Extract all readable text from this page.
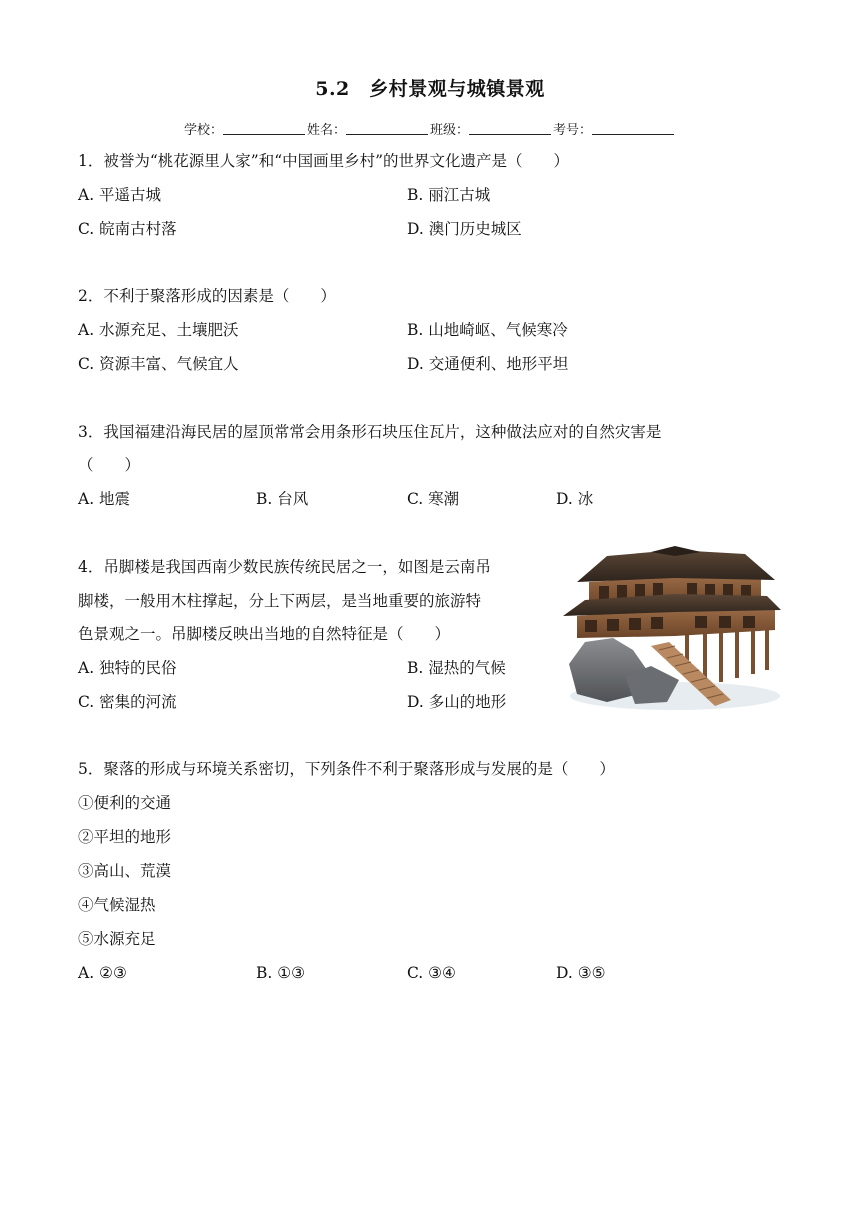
5.2　乡村景观与城镇景观
学校：	姓名：	班级：	考号：
1．被誉为“桃花源里人家”和“中国画里乡村”的世界文化遗产是（　　）
A. 平遥古城	B. 丽江古城
C. 皖南古村落	D. 澳门历史城区
2．不利于聚落形成的因素是（　　）
A. 水源充足、土壤肥沃	B. 山地崎岖、气候寒冷
C. 资源丰富、气候宜人	D. 交通便利、地形平坦
3．我国福建沿海民居的屋顶常常会用条形石块压住瓦片，这种做法应对的自然灾害是
（　　）
A. 地震	B. 台风	C. 寒潮	D. 冰
4．吊脚楼是我国西南少数民族传统民居之一，如图是云南吊
脚楼，一般用木柱撑起，分上下两层，是当地重要的旅游特
色景观之一。吊脚楼反映出当地的自然特征是（　　）
A. 独特的民俗	B. 湿热的气候
C. 密集的河流	D. 多山的地形
5．聚落的形成与环境关系密切，下列条件不利于聚落形成与发展的是（　　）
①便利的交通
②平坦的地形
③高山、荒漠
④气候湿热
⑤水源充足
A. ②③	B. ①③	C. ③④	D. ③⑤
